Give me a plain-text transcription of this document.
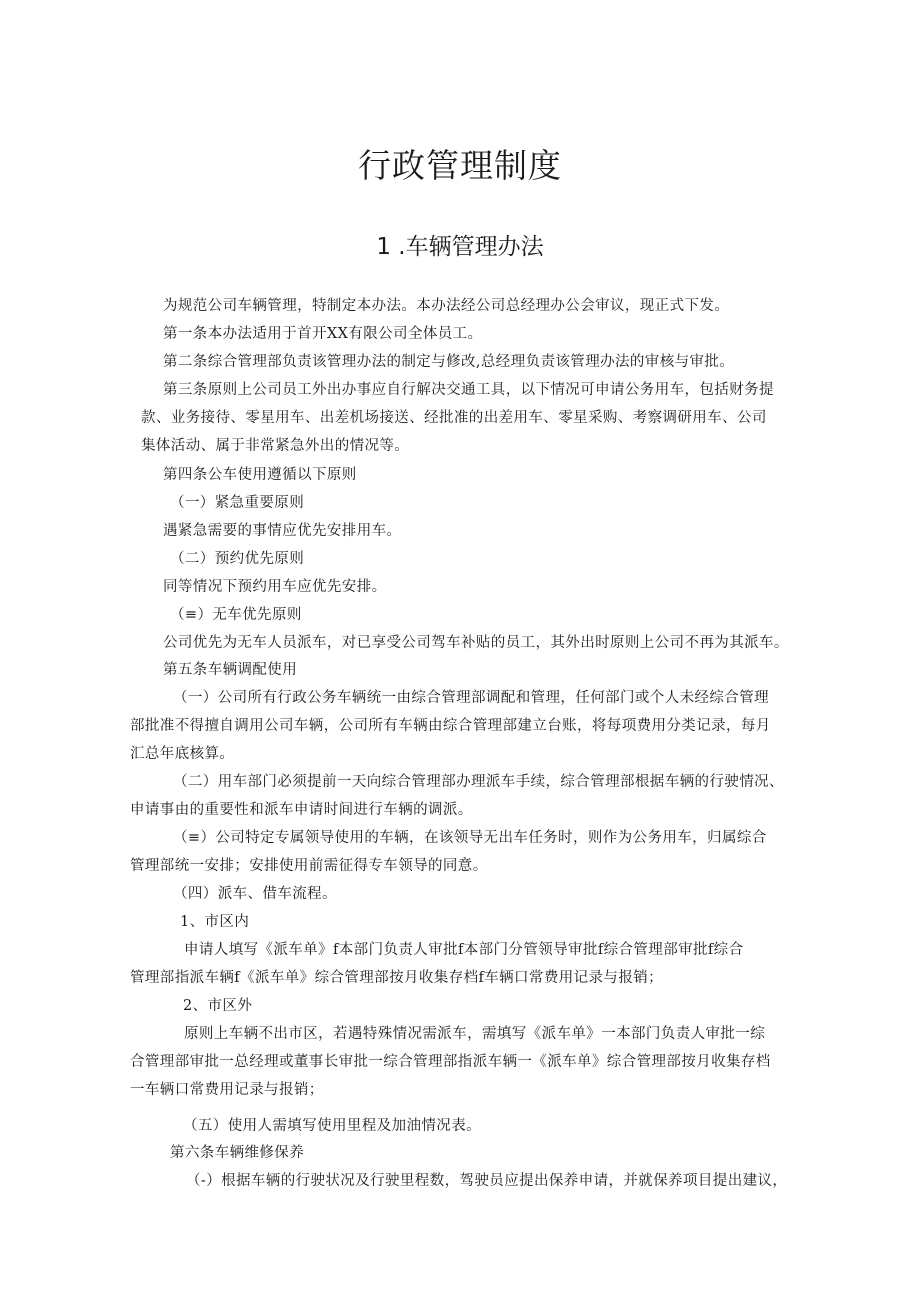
行政管理制度
1 .车辆管理办法
为规范公司车辆管理，特制定本办法。本办法经公司总经理办公会审议，现正式下发。
第一条本办法适用于首开XX有限公司全体员工。
第二条综合管理部负责该管理办法的制定与修改,总经理负责该管理办法的审核与审批。
第三条原则上公司员工外出办事应自行解决交通工具，以下情况可申请公务用车，包括财务提
款、业务接待、零星用车、出差机场接送、经批准的出差用车、零星采购、考察调研用车、公司
集体活动、属于非常紧急外出的情况等。
第四条公车使用遵循以下原则
（一）紧急重要原则
遇紧急需要的事情应优先安排用车。
（二）预约优先原则
同等情况下预约用车应优先安排。
（≡）无车优先原则
公司优先为无车人员派车，对已享受公司驾车补贴的员工，其外出时原则上公司不再为其派车。
第五条车辆调配使用
（一）公司所有行政公务车辆统一由综合管理部调配和管理，任何部门或个人未经综合管理
部批准不得擅自调用公司车辆，公司所有车辆由综合管理部建立台账，将每项费用分类记录，每月
汇总年底核算。
（二）用车部门必须提前一天向综合管理部办理派车手续，综合管理部根据车辆的行驶情况、
申请事由的重要性和派车申请时间进行车辆的调派。
（≡）公司特定专属领导使用的车辆，在该领导无出车任务时，则作为公务用车，归属综合
管理部统一安排；安排使用前需征得专车领导的同意。
（四）派车、借车流程。
1、市区内
申请人填写《派车单》f本部门负责人审批f本部门分管领导审批f综合管理部审批f综合
管理部指派车辆f《派车单》综合管理部按月收集存档f车辆口常费用记录与报销；
2、市区外
原则上车辆不出市区，若遇特殊情况需派车，需填写《派车单》一本部门负责人审批一综
合管理部审批一总经理或董事长审批一综合管理部指派车辆一《派车单》综合管理部按月收集存档
一车辆口常费用记录与报销；
（五）使用人需填写使用里程及加油情况表。
第六条车辆维修保养
（-）根据车辆的行驶状况及行驶里程数，驾驶员应提出保养申请，并就保养项目提出建议，
